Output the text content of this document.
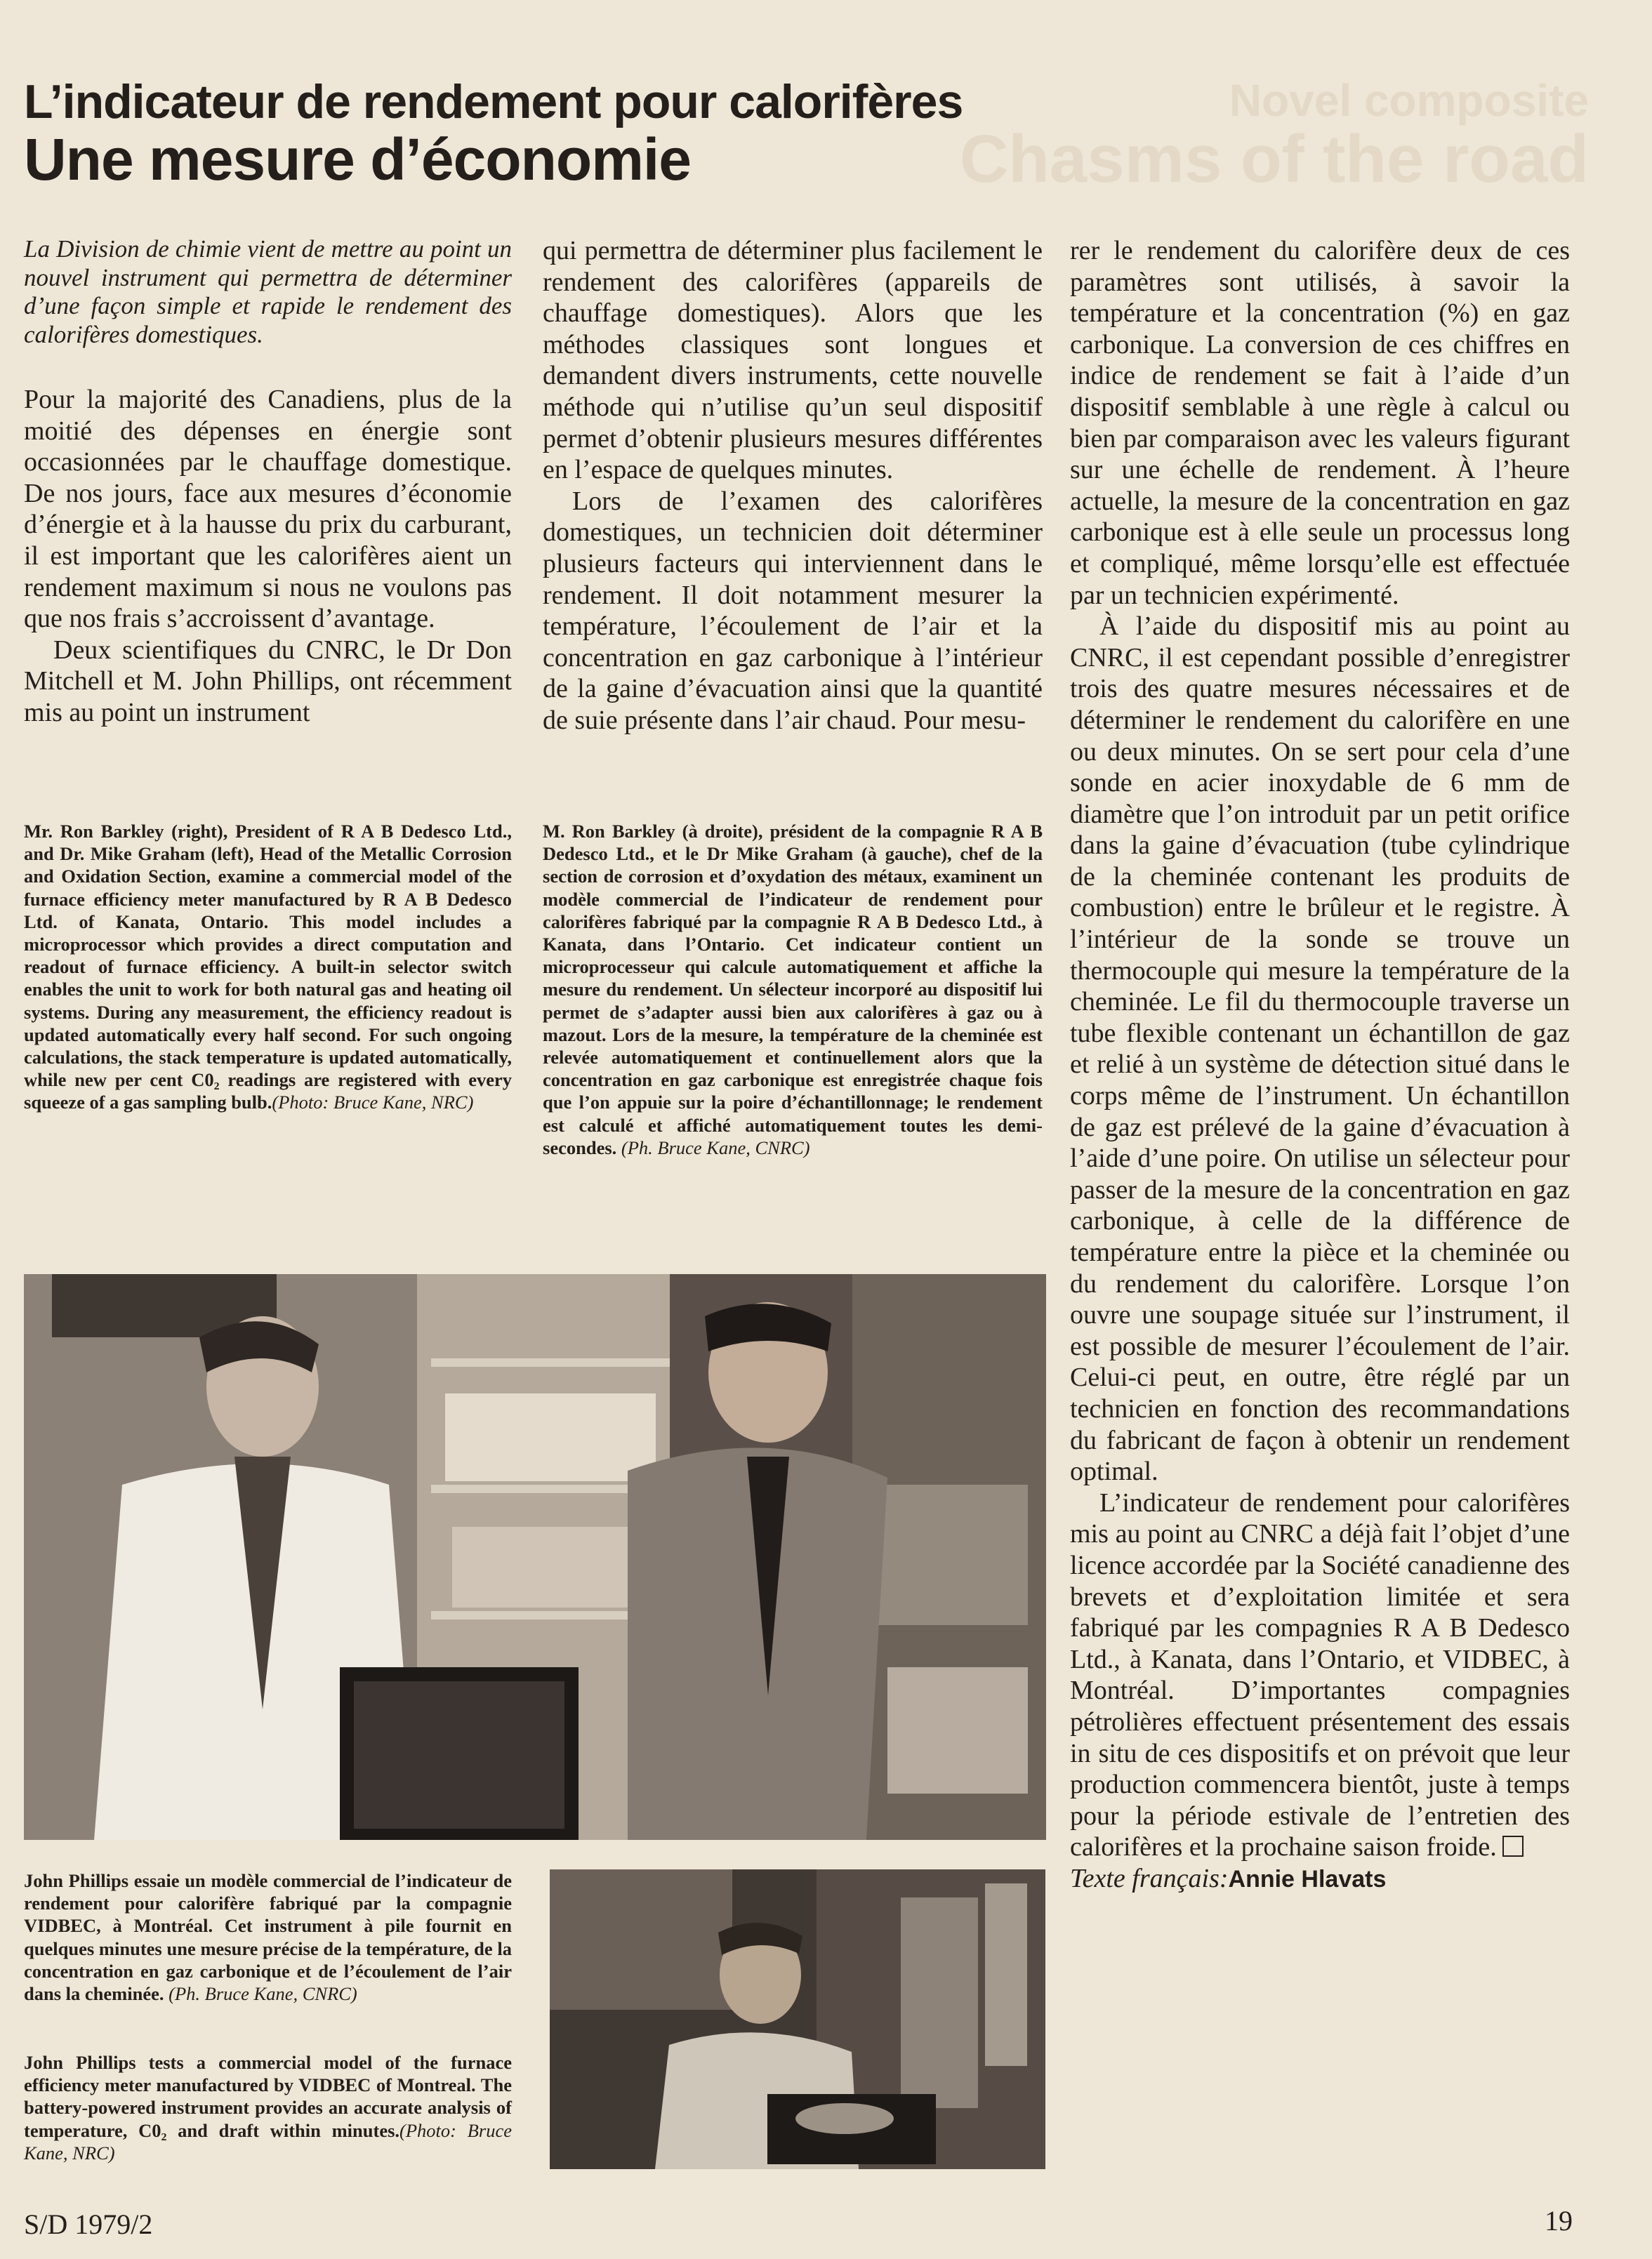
Novel composite
Chasms of the road
L’indicateur de rendement pour calorifères
Une mesure d’économie

La Division de chimie vient de mettre au point un nouvel instrument qui permettra de déterminer d’une façon simple et rapide le rendement des calorifères domestiques.

Pour la majorité des Canadiens, plus de la moitié des dépenses en énergie sont occasionnées par le chauffage domestique. De nos jours, face aux mesures d’économie d’énergie et à la hausse du prix du carburant, il est important que les calorifères aient un rendement maximum si nous ne voulons pas que nos frais s’accroissent d’avantage.

Deux scientifiques du CNRC, le Dr Don Mitchell et M. John Phillips, ont récemment mis au point un instrument

qui permettra de déterminer plus facilement le rendement des calorifères (appareils de chauffage domestiques). Alors que les méthodes classiques sont longues et demandent divers instruments, cette nouvelle méthode qui n’utilise qu’un seul dispositif permet d’obtenir plusieurs mesures différentes en l’espace de quelques minutes.

Lors de l’examen des calorifères domestiques, un technicien doit déterminer plusieurs facteurs qui interviennent dans le rendement. Il doit notamment mesurer la température, l’écoulement de l’air et la concentration en gaz carbonique à l’intérieur de la gaine d’évacuation ainsi que la quantité de suie présente dans l’air chaud. Pour mesu-

rer le rendement du calorifère deux de ces paramètres sont utilisés, à savoir la température et la concentration (%) en gaz carbonique. La conversion de ces chiffres en indice de rendement se fait à l’aide d’un dispositif semblable à une règle à calcul ou bien par comparaison avec les valeurs figurant sur une échelle de rendement. À l’heure actuelle, la mesure de la concentration en gaz carbonique est à elle seule un processus long et compliqué, même lorsqu’elle est effectuée par un technicien expérimenté.

À l’aide du dispositif mis au point au CNRC, il est cependant possible d’enregistrer trois des quatre mesures nécessaires et de déterminer le rendement du calorifère en une ou deux minutes. On se sert pour cela d’une sonde en acier inoxydable de 6 mm de diamètre que l’on introduit par un petit orifice dans la gaine d’évacuation (tube cylindrique de la cheminée contenant les produits de combustion) entre le brûleur et le registre. À l’intérieur de la sonde se trouve un thermocouple qui mesure la température de la cheminée. Le fil du thermocouple traverse un tube flexible contenant un échantillon de gaz et relié à un système de détection situé dans le corps même de l’instrument. Un échantillon de gaz est prélevé de la gaine d’évacuation à l’aide d’une poire. On utilise un sélecteur pour passer de la mesure de la concentration en gaz carbonique, à celle de la différence de température entre la pièce et la cheminée ou du rendement du calorifère. Lorsque l’on ouvre une soupage située sur l’instrument, il est possible de mesurer l’écoulement de l’air. Celui-ci peut, en outre, être réglé par un technicien en fonction des recommandations du fabricant de façon à obtenir un rendement optimal.

L’indicateur de rendement pour calorifères mis au point au CNRC a déjà fait l’objet d’une licence accordée par la Société canadienne des brevets et d’exploitation limitée et sera fabriqué par les compagnies R A B Dedesco Ltd., à Kanata, dans l’Ontario, et VIDBEC, à Montréal. D’importantes compagnies pétrolières effectuent présentement des essais in situ de ces dispositifs et on prévoit que leur production commencera bientôt, juste à temps pour la période estivale de l’entretien des calorifères et la prochaine saison froide.

Texte français:Annie Hlavats

Mr. Ron Barkley (right), President of R A B Dedesco Ltd., and Dr. Mike Graham (left), Head of the Metallic Corrosion and Oxidation Section, examine a commercial model of the furnace efficiency meter manufactured by R A B Dedesco Ltd. of Kanata, Ontario. This model includes a microprocessor which provides a direct computation and readout of furnace efficiency. A built-in selector switch enables the unit to work for both natural gas and heating oil systems. During any measurement, the efficiency readout is updated automatically every half second. For such ongoing calculations, the stack temperature is updated automatically, while new per cent C0₂ readings are registered with every squeeze of a gas sampling bulb.(Photo: Bruce Kane, NRC)

M. Ron Barkley (à droite), président de la compagnie R A B Dedesco Ltd., et le Dr Mike Graham (à gauche), chef de la section de corrosion et d’oxydation des métaux, examinent un modèle commercial de l’indicateur de rendement pour calorifères fabriqué par la compagnie R A B Dedesco Ltd., à Kanata, dans l’Ontario. Cet indicateur contient un microprocesseur qui calcule automatiquement et affiche la mesure du rendement. Un sélecteur incorporé au dispositif lui permet de s’adapter aussi bien aux calorifères à gaz ou à mazout. Lors de la mesure, la température de la cheminée est relevée automatiquement et continuellement alors que la concentration en gaz carbonique est enregistrée chaque fois que l’on appuie sur la poire d’échantillonnage; le rendement est calculé et affiché automatiquement toutes les demi-secondes. (Ph. Bruce Kane, CNRC)

John Phillips essaie un modèle commercial de l’indicateur de rendement pour calorifère fabriqué par la compagnie VIDBEC, à Montréal. Cet instrument à pile fournit en quelques minutes une mesure précise de la température, de la concentration en gaz carbonique et de l’écoulement de l’air dans la cheminée. (Ph. Bruce Kane, CNRC)

John Phillips tests a commercial model of the furnace efficiency meter manufactured by VIDBEC of Montreal. The battery-powered instrument provides an accurate analysis of temperature, C0₂ and draft within minutes.(Photo: Bruce Kane, NRC)

S/D 1979/2	19
